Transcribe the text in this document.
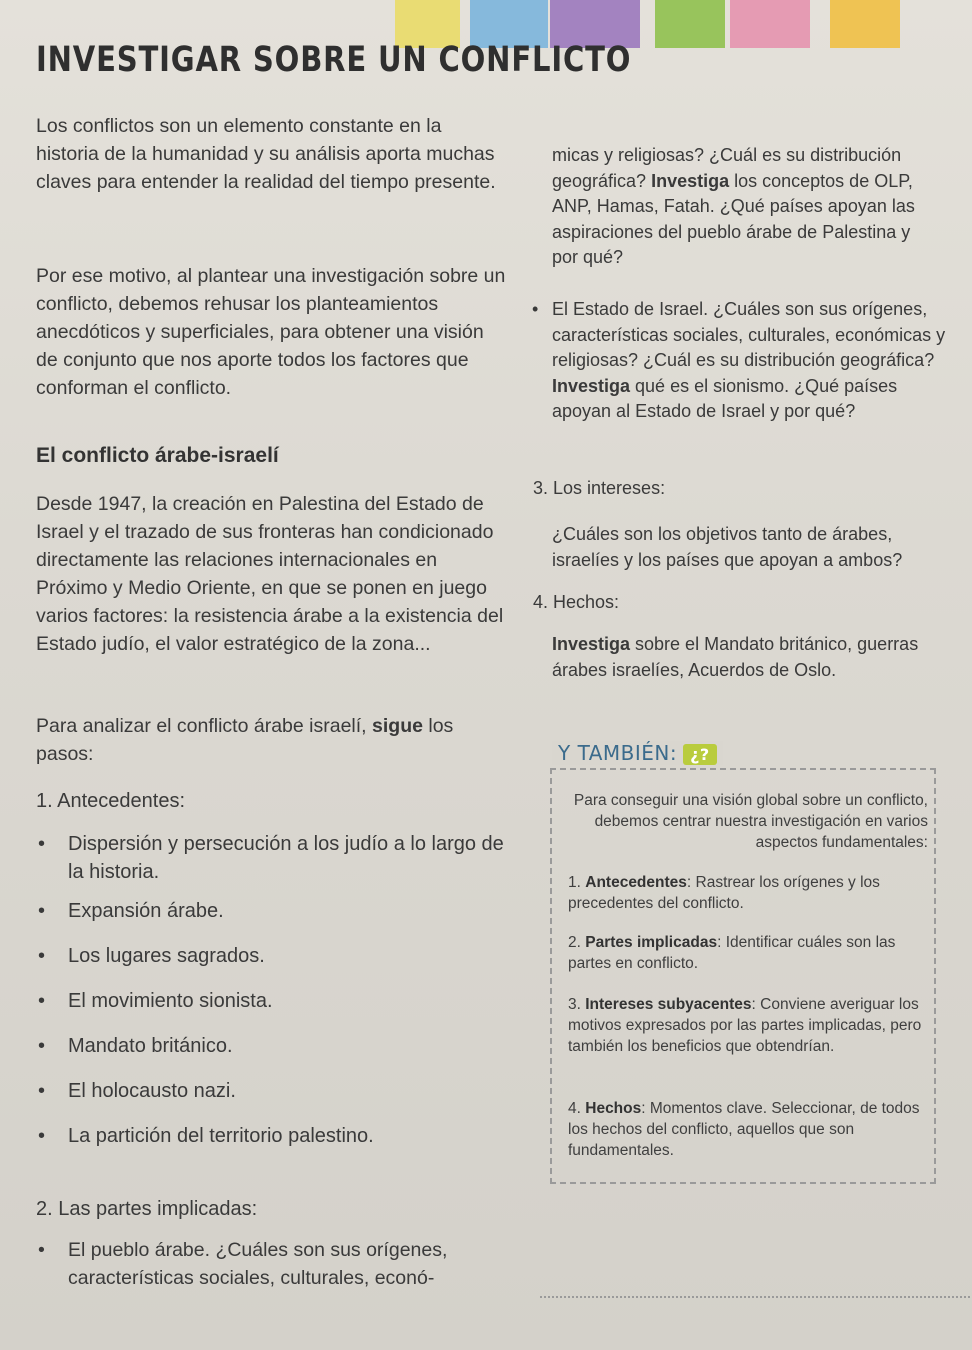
INVESTIGAR SOBRE UN CONFLICTO

Los conflictos son un elemento constante en la historia de la humanidad y su análisis aporta muchas claves para entender la realidad del tiempo presente.

Por ese motivo, al plantear una investigación sobre un conflicto, debemos rehusar los planteamientos anecdóticos y superficiales, para obtener una visión de conjunto que nos aporte todos los factores que conforman el conflicto.

El conflicto árabe-israelí

Desde 1947, la creación en Palestina del Estado de Israel y el trazado de sus fronteras han condicionado directamente las relaciones internacionales en Próximo y Medio Oriente, en que se ponen en juego varios factores: la resistencia árabe a la existencia del Estado judío, el valor estratégico de la zona...

Para analizar el conflicto árabe israelí, sigue los pasos:

1. Antecedentes:
• Dispersión y persecución a los judío a lo largo de la historia.
• Expansión árabe.
• Los lugares sagrados.
• El movimiento sionista.
• Mandato británico.
• El holocausto nazi.
• La partición del territorio palestino.
2. Las partes implicadas:

• El pueblo árabe. ¿Cuáles son sus orígenes, características sociales, culturales, econó-

micas y religiosas? ¿Cuál es su distribución geográfica? Investiga los conceptos de OLP, ANP, Hamas, Fatah. ¿Qué países apoyan las aspiraciones del pueblo árabe de Palestina y por qué?

• El Estado de Israel. ¿Cuáles son sus orígenes, características sociales, culturales, económicas y religiosas? ¿Cuál es su distribución geográfica? Investiga qué es el sionismo. ¿Qué países apoyan al Estado de Israel y por qué?

3. Los intereses:

¿Cuáles son los objetivos tanto de árabes, israelíes y los países que apoyan a ambos?

4. Hechos:

Investiga sobre el Mandato británico, guerras árabes israelíes, Acuerdos de Oslo.

Y TAMBIÉN: ¿?

Para conseguir una visión global sobre un conflicto, debemos centrar nuestra investigación en varios aspectos fundamentales:

1. Antecedentes: Rastrear los orígenes y los precedentes del conflicto.

2. Partes implicadas: Identificar cuáles son las partes en conflicto.

3. Intereses subyacentes: Conviene averiguar los motivos expresados por las partes implicadas, pero también los beneficios que obtendrían.

4. Hechos: Momentos clave. Seleccionar, de todos los hechos del conflicto, aquellos que son fundamentales.
